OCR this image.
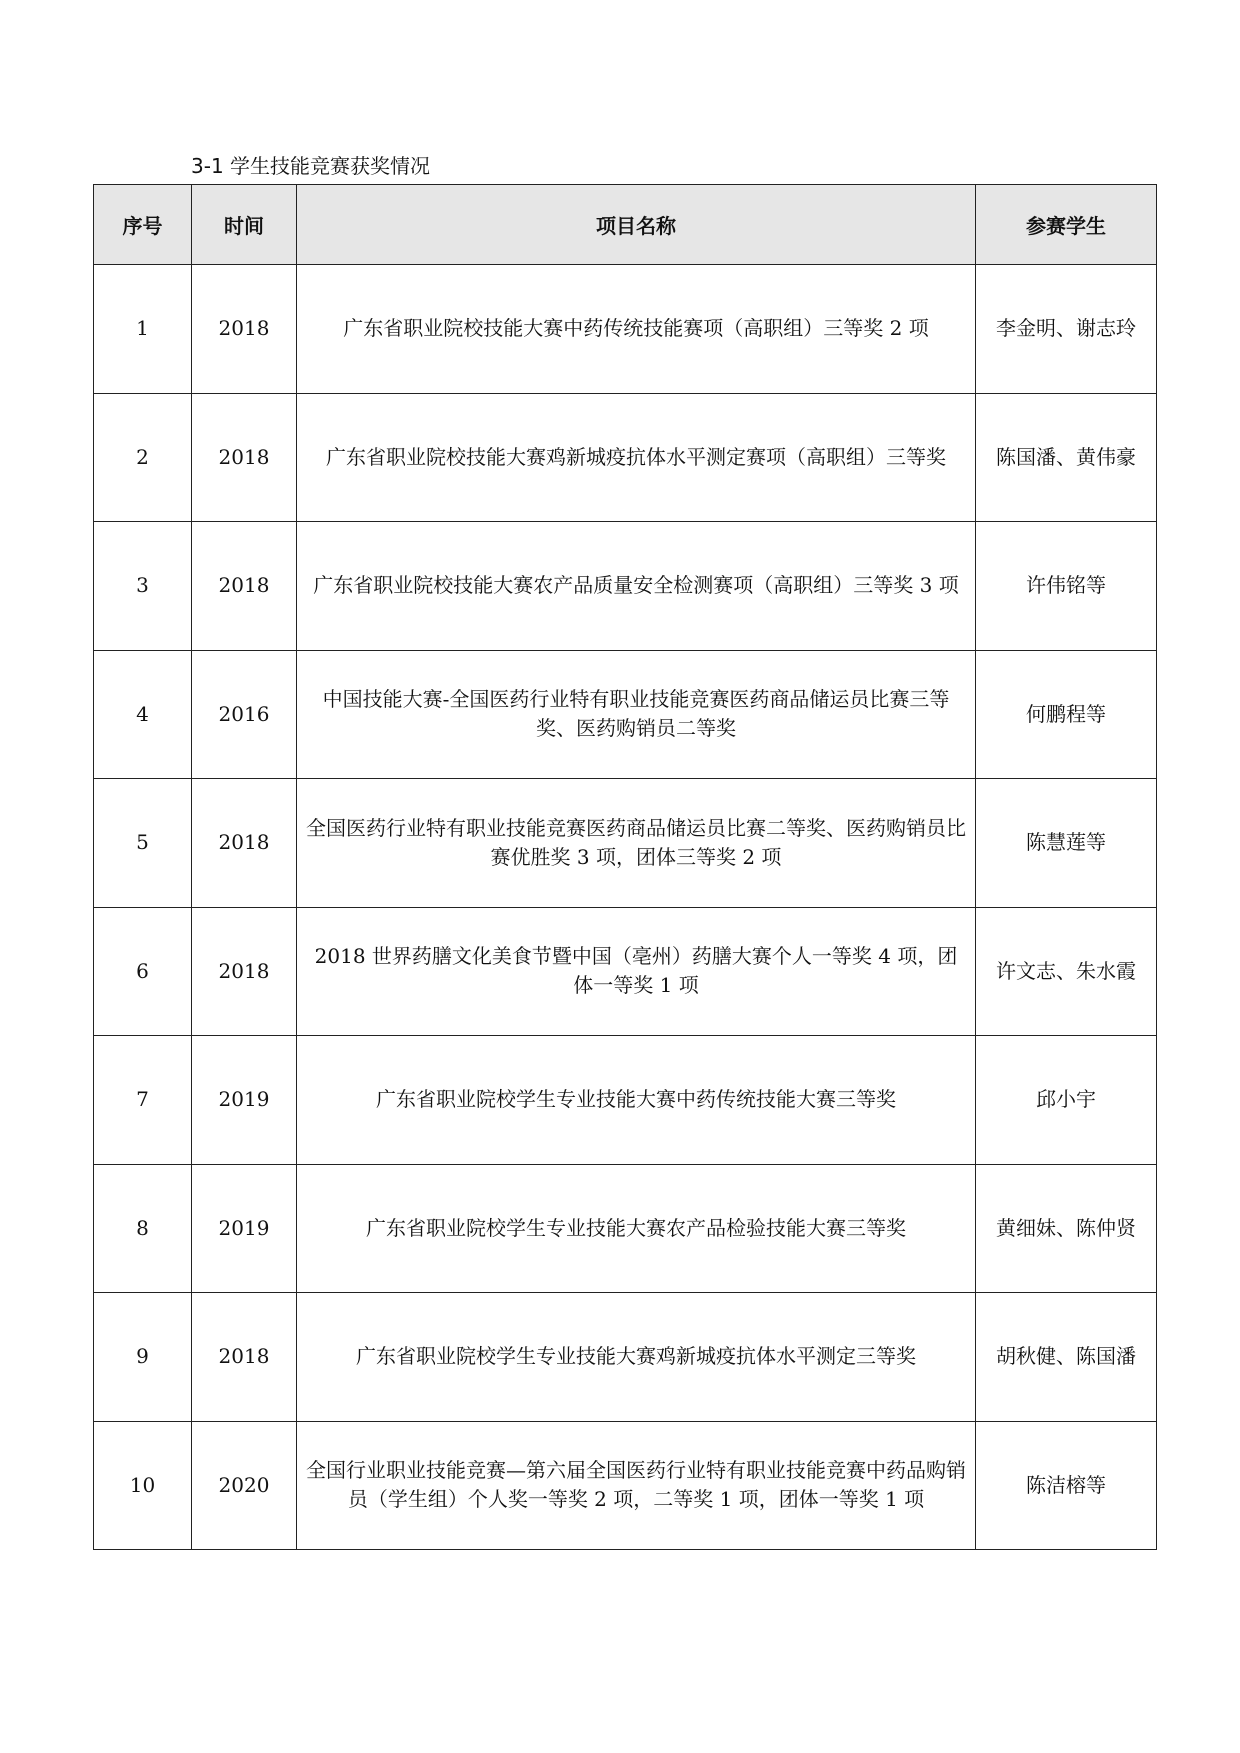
3-1 学生技能竞赛获奖情况
序号	时间	项目名称	参赛学生
1	2018	广东省职业院校技能大赛中药传统技能赛项（高职组）三等奖 2 项	李金明、谢志玲
2	2018	广东省职业院校技能大赛鸡新城疫抗体水平测定赛项（高职组）三等奖	陈国潘、黄伟豪
3	2018	广东省职业院校技能大赛农产品质量安全检测赛项（高职组）三等奖 3 项	许伟铭等
4	2016	中国技能大赛-全国医药行业特有职业技能竞赛医药商品储运员比赛三等奖、医药购销员二等奖	何鹏程等
5	2018	全国医药行业特有职业技能竞赛医药商品储运员比赛二等奖、医药购销员比赛优胜奖 3 项，团体三等奖 2 项	陈慧莲等
6	2018	2018 世界药膳文化美食节暨中国（亳州）药膳大赛个人一等奖 4 项，团体一等奖 1 项	许文志、朱水霞
7	2019	广东省职业院校学生专业技能大赛中药传统技能大赛三等奖	邱小宇
8	2019	广东省职业院校学生专业技能大赛农产品检验技能大赛三等奖	黄细妹、陈仲贤
9	2018	广东省职业院校学生专业技能大赛鸡新城疫抗体水平测定三等奖	胡秋健、陈国潘
10	2020	全国行业职业技能竞赛—第六届全国医药行业特有职业技能竞赛中药品购销员（学生组）个人奖一等奖 2 项，二等奖 1 项，团体一等奖 1 项	陈洁榕等
